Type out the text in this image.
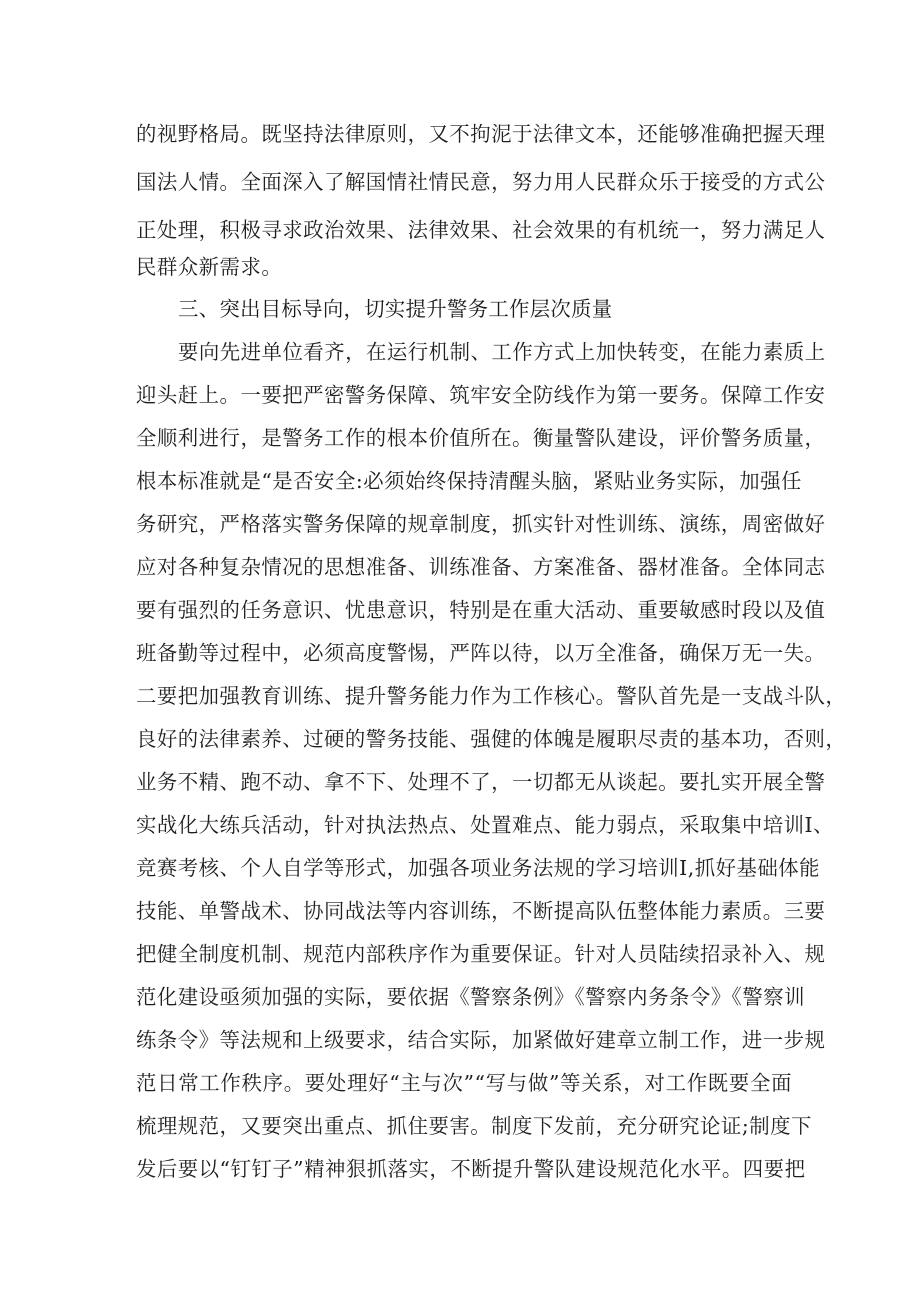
的视野格局。既坚持法律原则，又不拘泥于法律文本，还能够准确把握天理
国法人情。全面深入了解国情社情民意，努力用人民群众乐于接受的方式公
正处理，积极寻求政治效果、法律效果、社会效果的有机统一，努力满足人
民群众新需求。
三、突出目标导向，切实提升警务工作层次质量
要向先进单位看齐，在运行机制、工作方式上加快转变，在能力素质上
迎头赶上。一要把严密警务保障、筑牢安全防线作为第一要务。保障工作安
全顺利进行，是警务工作的根本价值所在。衡量警队建设，评价警务质量，
根本标准就是“是否安全:必须始终保持清醒头脑，紧贴业务实际，加强任
务研究，严格落实警务保障的规章制度，抓实针对性训练、演练，周密做好
应对各种复杂情况的思想准备、训练准备、方案准备、器材准备。全体同志
要有强烈的任务意识、忧患意识，特别是在重大活动、重要敏感时段以及值
班备勤等过程中，必须高度警惕，严阵以待，以万全准备，确保万无一失。
二要把加强教育训练、提升警务能力作为工作核心。警队首先是一支战斗队，
良好的法律素养、过硬的警务技能、强健的体魄是履职尽责的基本功，否则，
业务不精、跑不动、拿不下、处理不了，一切都无从谈起。要扎实开展全警
实战化大练兵活动，针对执法热点、处置难点、能力弱点，采取集中培训I、
竞赛考核、个人自学等形式，加强各项业务法规的学习培训I,抓好基础体能
技能、单警战术、协同战法等内容训练，不断提高队伍整体能力素质。三要
把健全制度机制、规范内部秩序作为重要保证。针对人员陆续招录补入、规
范化建设亟须加强的实际，要依据《警察条例》《警察内务条令》《警察训
练条令》等法规和上级要求，结合实际，加紧做好建章立制工作，进一步规
范日常工作秩序。要处理好“主与次”“写与做”等关系，对工作既要全面
梳理规范，又要突出重点、抓住要害。制度下发前，充分研究论证;制度下
发后要以“钉钉子”精神狠抓落实，不断提升警队建设规范化水平。四要把
